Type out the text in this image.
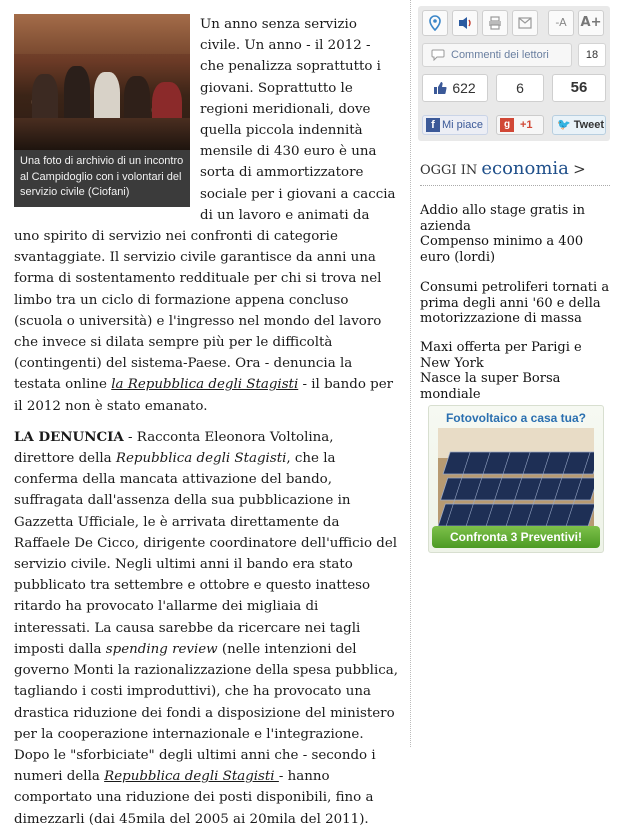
Una foto di archivio di un incontro al Campidoglio con i volontari del servizio civile (Ciofani)

Un anno senza servizio civile. Un anno - il 2012 - che penalizza soprattutto i giovani. Soprattutto le regioni meridionali, dove quella piccola indennità mensile di 430 euro è una sorta di ammortizzatore sociale per i giovani a caccia di un lavoro e animati da uno spirito di servizio nei confronti di categorie svantaggiate. Il servizio civile garantisce da anni una forma di sostentamento reddituale per chi si trova nel limbo tra un ciclo di formazione appena concluso (scuola o università) e l'ingresso nel mondo del lavoro che invece si dilata sempre più per le difficoltà (contingenti) del sistema-Paese. Ora - denuncia la testata online la Repubblica degli Stagisti - il bando per il 2012 non è stato emanato.

LA DENUNCIA - Racconta Eleonora Voltolina, direttore della Repubblica degli Stagisti, che la conferma della mancata attivazione del bando, suffragata dall'assenza della sua pubblicazione in Gazzetta Ufficiale, le è arrivata direttamente da Raffaele De Cicco, dirigente coordinatore dell'ufficio del servizio civile. Negli ultimi anni il bando era stato pubblicato tra settembre e ottobre e questo inatteso ritardo ha provocato l'allarme dei migliaia di interessati. La causa sarebbe da ricercare nei tagli imposti dalla spending review (nelle intenzioni del governo Monti la razionalizzazione della spesa pubblica, tagliando i costi improduttivi), che ha provocato una drastica riduzione dei fondi a disposizione del ministero per la cooperazione internazionale e l'integrazione. Dopo le "sforbiciate" degli ultimi anni che - secondo i numeri della Repubblica degli Stagisti - hanno comportato una riduzione dei posti disponibili, fino a dimezzarli (dai 45mila del 2005 ai 20mila del 2011).

-A	A+
Commenti dei lettori	18
622	6	56
f Mi piace	g +1	🐦 Tweet
OGGI IN economia >
Addio allo stage gratis in azienda
Compenso minimo a 400 euro (lordi)
Consumi petroliferi tornati a prima degli anni '60 e della motorizzazione di massa
Maxi offerta per Parigi e New York
Nasce la super Borsa mondiale
Fotovoltaico a casa tua?
Confronta 3 Preventivi!
